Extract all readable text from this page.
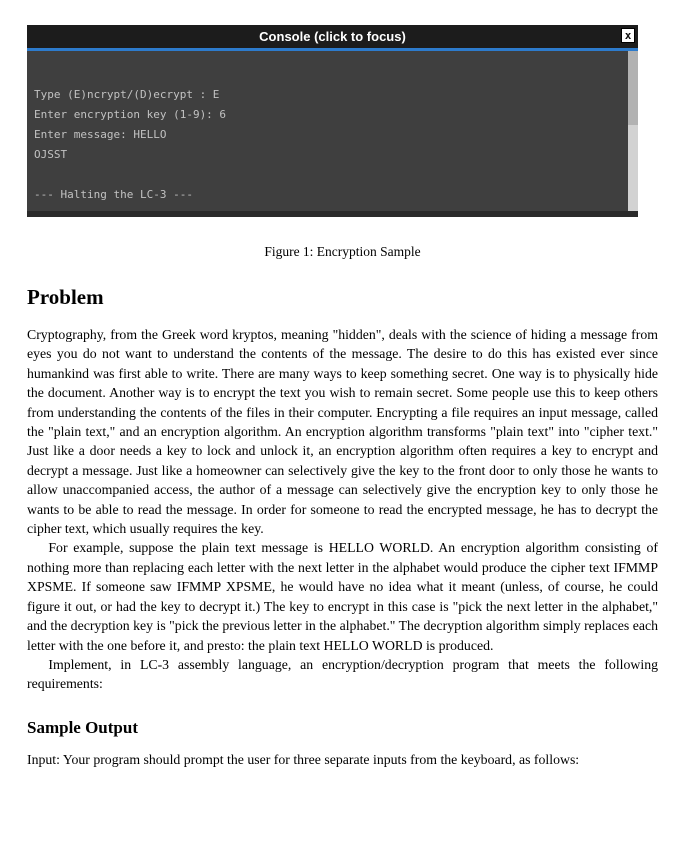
Console (click to focus)	x
Type (E)ncrypt/(D)ecrypt : E
Enter encryption key (1-9): 6
Enter message: HELLO
OJSST
--- Halting the LC-3 ---
Figure 1: Encryption Sample
Problem

Cryptography, from the Greek word kryptos, meaning "hidden", deals with the science of hiding a message from eyes you do not want to understand the contents of the message. The desire to do this has existed ever since humankind was first able to write. There are many ways to keep something secret. One way is to physically hide the document. Another way is to encrypt the text you wish to remain secret. Some people use this to keep others from understanding the contents of the files in their computer. Encrypting a file requires an input message, called the "plain text," and an encryption algorithm. An encryption algorithm transforms "plain text" into "cipher text." Just like a door needs a key to lock and unlock it, an encryption algorithm often requires a key to encrypt and decrypt a message. Just like a homeowner can selectively give the key to the front door to only those he wants to allow unaccompanied access, the author of a message can selectively give the encryption key to only those he wants to be able to read the message. In order for someone to read the encrypted message, he has to decrypt the cipher text, which usually requires the key.

For example, suppose the plain text message is HELLO WORLD. An encryption algorithm consisting of nothing more than replacing each letter with the next letter in the alphabet would produce the cipher text IFMMP XPSME. If someone saw IFMMP XPSME, he would have no idea what it meant (unless, of course, he could figure it out, or had the key to decrypt it.) The key to encrypt in this case is "pick the next letter in the alphabet," and the decryption key is "pick the previous letter in the alphabet." The decryption algorithm simply replaces each letter with the one before it, and presto: the plain text HELLO WORLD is produced.

Implement, in LC-3 assembly language, an encryption/decryption program that meets the following requirements:

Sample Output

Input: Your program should prompt the user for three separate inputs from the keyboard, as follows:
